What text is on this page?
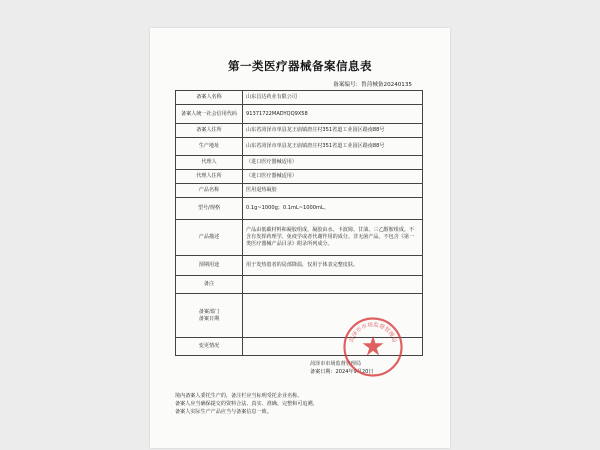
第一类医疗器械备案信息表
备案编号：鲁菏械备20240135
备案人名称	山东昌达药业有限公司
备案人统一社会信用代码	91371722MADYQQ9X58
备案人住所	山东省菏泽市单县龙王庙镇唐庄村351省道工业园区路南88号
生产地址	山东省菏泽市单县龙王庙镇唐庄村351省道工业园区路南88号
代理人	（进口医疗器械适用）
代理人住所	（进口医疗器械适用）
产品名称	医用退热凝胶
型号/规格	0.1g~1000g；0.1mL~1000mL。
产品描述	产品由低碳材料和凝胶组成，凝胶由水、卡波姆、甘油、三乙醇胺组成。不含有发挥药理学、免疫学或者代谢作用的成分。非无菌产品。不包含《第一类医疗器械产品目录》附录所列成分。
预期用途	用于发热患者的局部降温，仅用于体表完整皮肤。
备注	
备案部门
备案日期	
变更情况	
菏泽市市场监督管理局
备案日期：2024年9月20日
菏泽市市场监督管理局
境内备案人委托生产的，备注栏应当标明受托企业名称。
备案人应当确保提交的资料合法、真实、准确、完整和可追溯。
备案人实际生产产品应当与备案信息一致。
